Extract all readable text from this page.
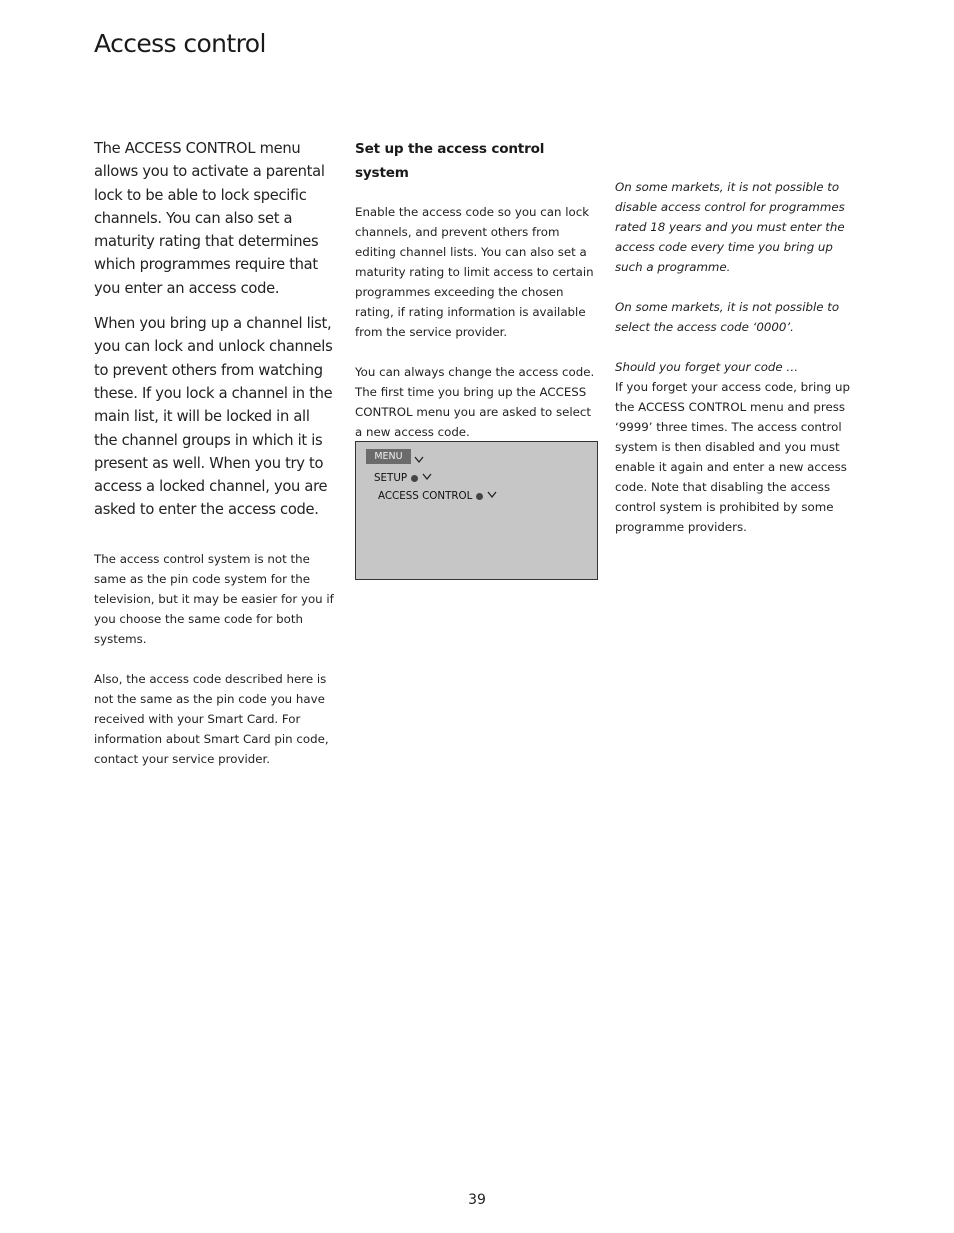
Access control

The ACCESS CONTROL menu allows you to activate a parental lock to be able to lock specific channels. You can also set a maturity rating that determines which programmes require that you enter an access code.

When you bring up a channel list, you can lock and unlock channels to prevent others from watching these. If you lock a channel in the main list, it will be locked in all the channel groups in which it is present as well. When you try to access a locked channel, you are asked to enter the access code.

The access control system is not the same as the pin code system for the television, but it may be easier for you if you choose the same code for both systems.

Also, the access code described here is not the same as the pin code you have received with your Smart Card. For information about Smart Card pin code, contact your service provider.

Set up the access control system

Enable the access code so you can lock channels, and prevent others from editing channel lists. You can also set a maturity rating to limit access to certain programmes exceeding the chosen rating, if rating information is available from the service provider.

You can always change the access code. The first time you bring up the ACCESS CONTROL menu you are asked to select a new access code.

MENU
SETUP
ACCESS CONTROL

On some markets, it is not possible to disable access control for programmes rated 18 years and you must enter the access code every time you bring up such a programme.

On some markets, it is not possible to select the access code ‘0000’.

Should you forget your code …
If you forget your access code, bring up the ACCESS CONTROL menu and press ‘9999’ three times. The access control system is then disabled and you must enable it again and enter a new access code. Note that disabling the access control system is prohibited by some programme providers.

39
